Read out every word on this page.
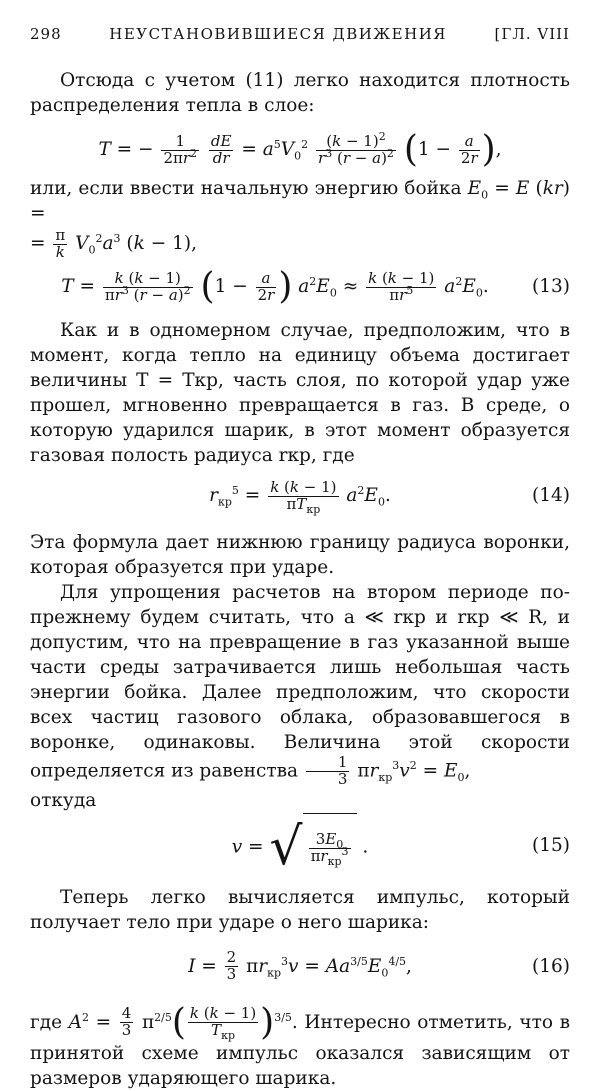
298	НЕУСТАНОВИВШИЕСЯ ДВИЖЕНИЯ	[ГЛ. VIII

Отсюда с учетом (11) легко находится плотность распределения тепла в слое:

T = − $\frac{1}{2\pi r^2}$
$\frac{dE}{dr} = a^5V_0^2 \frac{(k - 1)^2}{r^3 (r - a)^2} (1 - \frac{a}{2r}$ ),

или, если ввести начальную энергию бойка $E_0 = E$ (kr) =

= $\frac{\pi}{k} V_0^2a^3$ (k − 1),
$T = \frac{k (k - 1)}{\pi r^3 (r - a)^2} (1 - \frac{a}{2r}$ ) $a^2E_0 \approx \frac{k (k - 1)}{\pi r^5} a^2E_0$. (13)

Как и в одномерном случае, предположим, что в момент, когда тепло на единицу объема достигает величины T = Tкр, часть слоя, по которой удар уже прошел, мгновенно превращается в газ. В среде, о которую ударился шарик, в этот момент образуется газовая полость радиуса rкр, где

$r_{кр}^5 = \frac{k (k - 1)}{\pi T_{кр}} a^2E_0$.	(14)

Эта формула дает нижнюю границу радиуса воронки, которая образуется при ударе.

Для упрощения расчетов на втором периоде по-прежнему будем считать, что a ≪ rкр и rкр ≪ R, и допустим, что на превращение в газ указанной выше части среды затрачивается лишь небольшая часть энергии бойка. Далее предположим, что скорости всех частиц газового облака, образовавшегося в воронке, одинаковы. Величина этой скорости определяется из равенства $\frac{1}{3} \pi r_{кр}^3v^2 = E_0$,

откуда

v = √ $\frac{3E_0}{\pi r_{кр}^3}$ .	(15)

Теперь легко вычисляется импульс, который получает тело при ударе о него шарика:

$I = \frac{2}{3} \pi r_{кр}^3v = Aa^{3/5}E_0^{4/5}$,	(16)

где $A^2 = \frac{4}{3} \pi^{2/5}( \frac{k (k - 1)}{T_{кр}} )^{3/5}$. Интересно отметить, что в принятой схеме импульс оказался зависящим от размеров ударяющего шарика.
